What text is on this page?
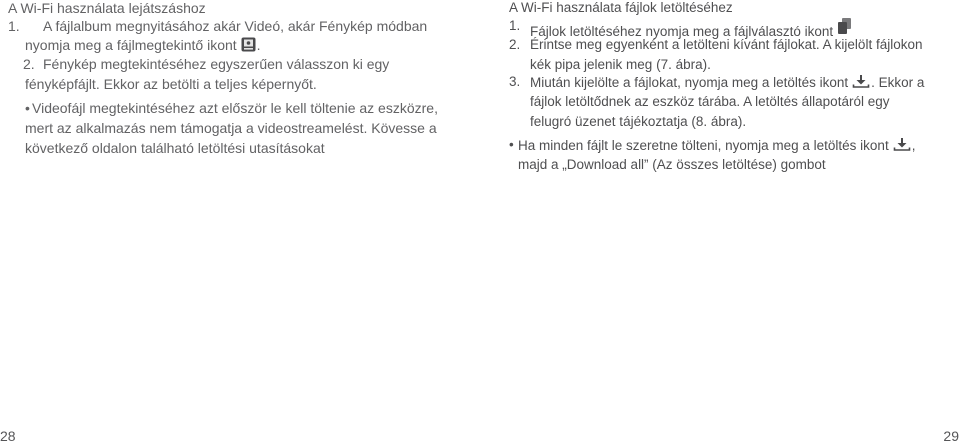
A Wi-Fi használata lejátszáshoz
1. A fájlalbum megnyitásához akár Videó, akár Fénykép módban
nyomja meg a fájlmegtekintő ikont .
2. Fénykép megtekintéséhez egyszerűen válasszon ki egy
fényképfájlt. Ekkor az betölti a teljes képernyőt.
• Videofájl megtekintéséhez azt először le kell töltenie az eszközre,
mert az alkalmazás nem támogatja a videostreamelést. Kövesse a
következő oldalon található letöltési utasításokat
A Wi-Fi használata fájlok letöltéséhez
1. Fájlok letöltéséhez nyomja meg a fájlválasztó ikont
2. Érintse meg egyenként a letölteni kívánt fájlokat. A kijelölt fájlokon
kék pipa jelenik meg (7. ábra).
3. Miután kijelölte a fájlokat, nyomja meg a letöltés ikont . Ekkor a
fájlok letöltődnek az eszköz tárába. A letöltés állapotáról egy
felugró üzenet tájékoztatja (8. ábra).
• Ha minden fájlt le szeretne tölteni, nyomja meg a letöltés ikont ,
majd a „Download all” (Az összes letöltése) gombot
28	29
